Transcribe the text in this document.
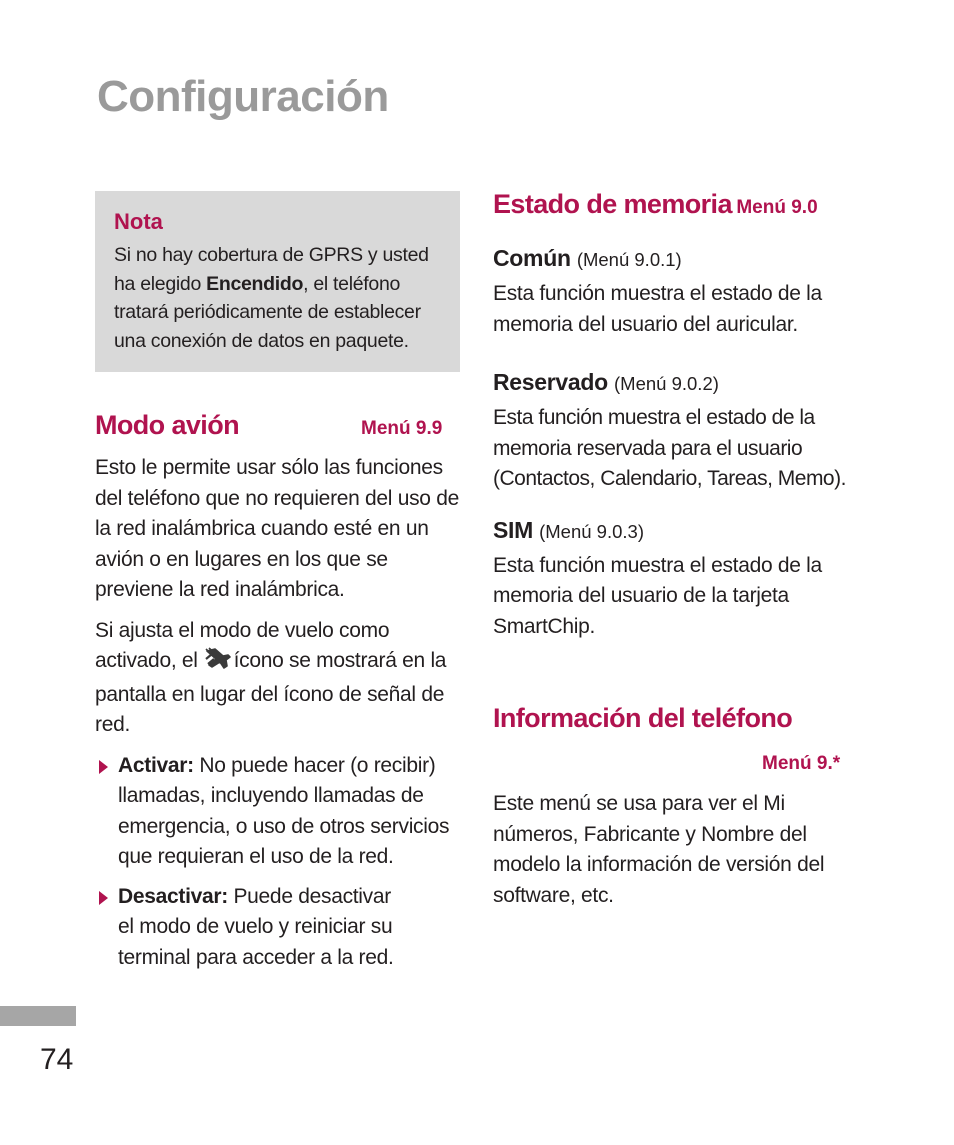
Configuración

Nota

Si no hay cobertura de GPRS y usted ha elegido Encendido, el teléfono tratará periódicamente de establecer una conexión de datos en paquete.

Modo avión	Menú 9.9

Esto le permite usar sólo las funciones del teléfono que no requieren del uso de la red inalámbrica cuando esté en un avión o en lugares en los que se previene la red inalámbrica.

Si ajusta el modo de vuelo como activado, el ícono se mostrará en la pantalla en lugar del ícono de señal de red.

Activar: No puede hacer (o recibir) llamadas, incluyendo llamadas de emergencia, o uso de otros servicios que requieran el uso de la red.
Desactivar: Puede desactivar el modo de vuelo y reiniciar su terminal para acceder a la red.
Estado de memoria Menú 9.0

Común (Menú 9.0.1)

Esta función muestra el estado de la memoria del usuario del auricular.

Reservado (Menú 9.0.2)

Esta función muestra el estado de la memoria reservada para el usuario (Contactos, Calendario, Tareas, Memo).

SIM (Menú 9.0.3)

Esta función muestra el estado de la memoria del usuario de la tarjeta SmartChip.

Información del teléfono
Menú 9.*

Este menú se usa para ver el Mi números, Fabricante y Nombre del modelo la información de versión del software, etc.

74
